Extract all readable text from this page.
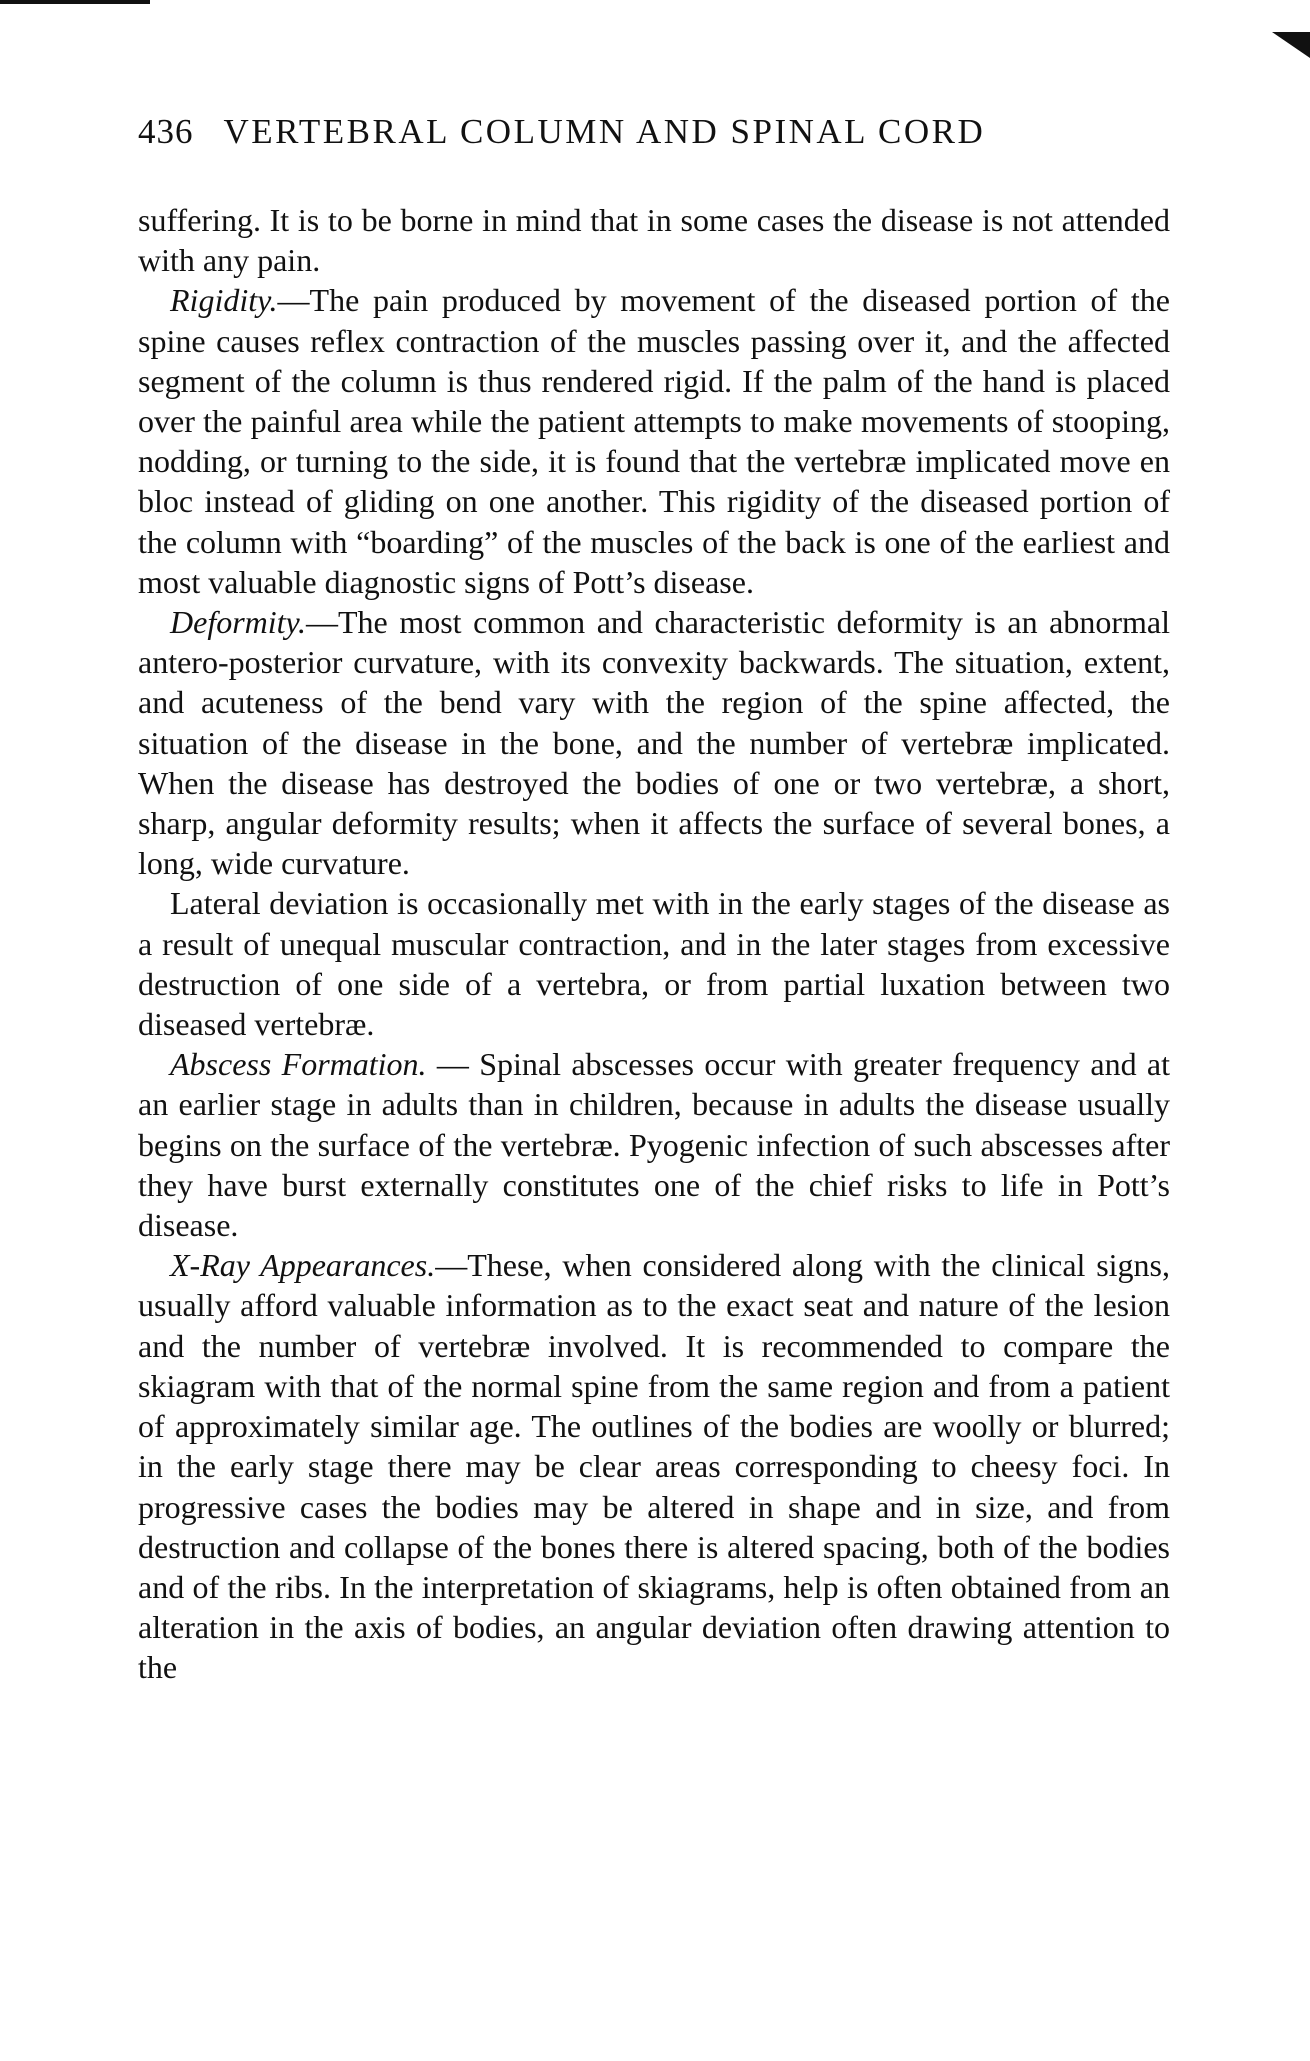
436 VERTEBRAL COLUMN AND SPINAL CORD

suffering. It is to be borne in mind that in some cases the disease is not attended with any pain.

Rigidity.—The pain produced by movement of the diseased portion of the spine causes reflex contraction of the muscles passing over it, and the affected segment of the column is thus rendered rigid. If the palm of the hand is placed over the painful area while the patient attempts to make movements of stooping, nodding, or turning to the side, it is found that the vertebræ implicated move en bloc instead of gliding on one another. This rigidity of the diseased portion of the column with “boarding” of the muscles of the back is one of the earliest and most valuable diagnostic signs of Pott’s disease.

Deformity.—The most common and characteristic deformity is an abnormal antero-posterior curvature, with its convexity backwards. The situation, extent, and acuteness of the bend vary with the region of the spine affected, the situation of the disease in the bone, and the number of vertebræ implicated. When the disease has destroyed the bodies of one or two vertebræ, a short, sharp, angular deformity results; when it affects the surface of several bones, a long, wide curvature.

Lateral deviation is occasionally met with in the early stages of the disease as a result of unequal muscular contraction, and in the later stages from excessive destruction of one side of a vertebra, or from partial luxation between two diseased vertebræ.

Abscess Formation. — Spinal abscesses occur with greater frequency and at an earlier stage in adults than in children, because in adults the disease usually begins on the surface of the vertebræ. Pyogenic infection of such abscesses after they have burst externally constitutes one of the chief risks to life in Pott’s disease.

X-Ray Appearances.—These, when considered along with the clinical signs, usually afford valuable information as to the exact seat and nature of the lesion and the number of vertebræ involved. It is recommended to compare the skiagram with that of the normal spine from the same region and from a patient of approximately similar age. The outlines of the bodies are woolly or blurred; in the early stage there may be clear areas corresponding to cheesy foci. In progressive cases the bodies may be altered in shape and in size, and from destruction and collapse of the bones there is altered spacing, both of the bodies and of the ribs. In the interpretation of skiagrams, help is often obtained from an alteration in the axis of bodies, an angular deviation often drawing attention to the
